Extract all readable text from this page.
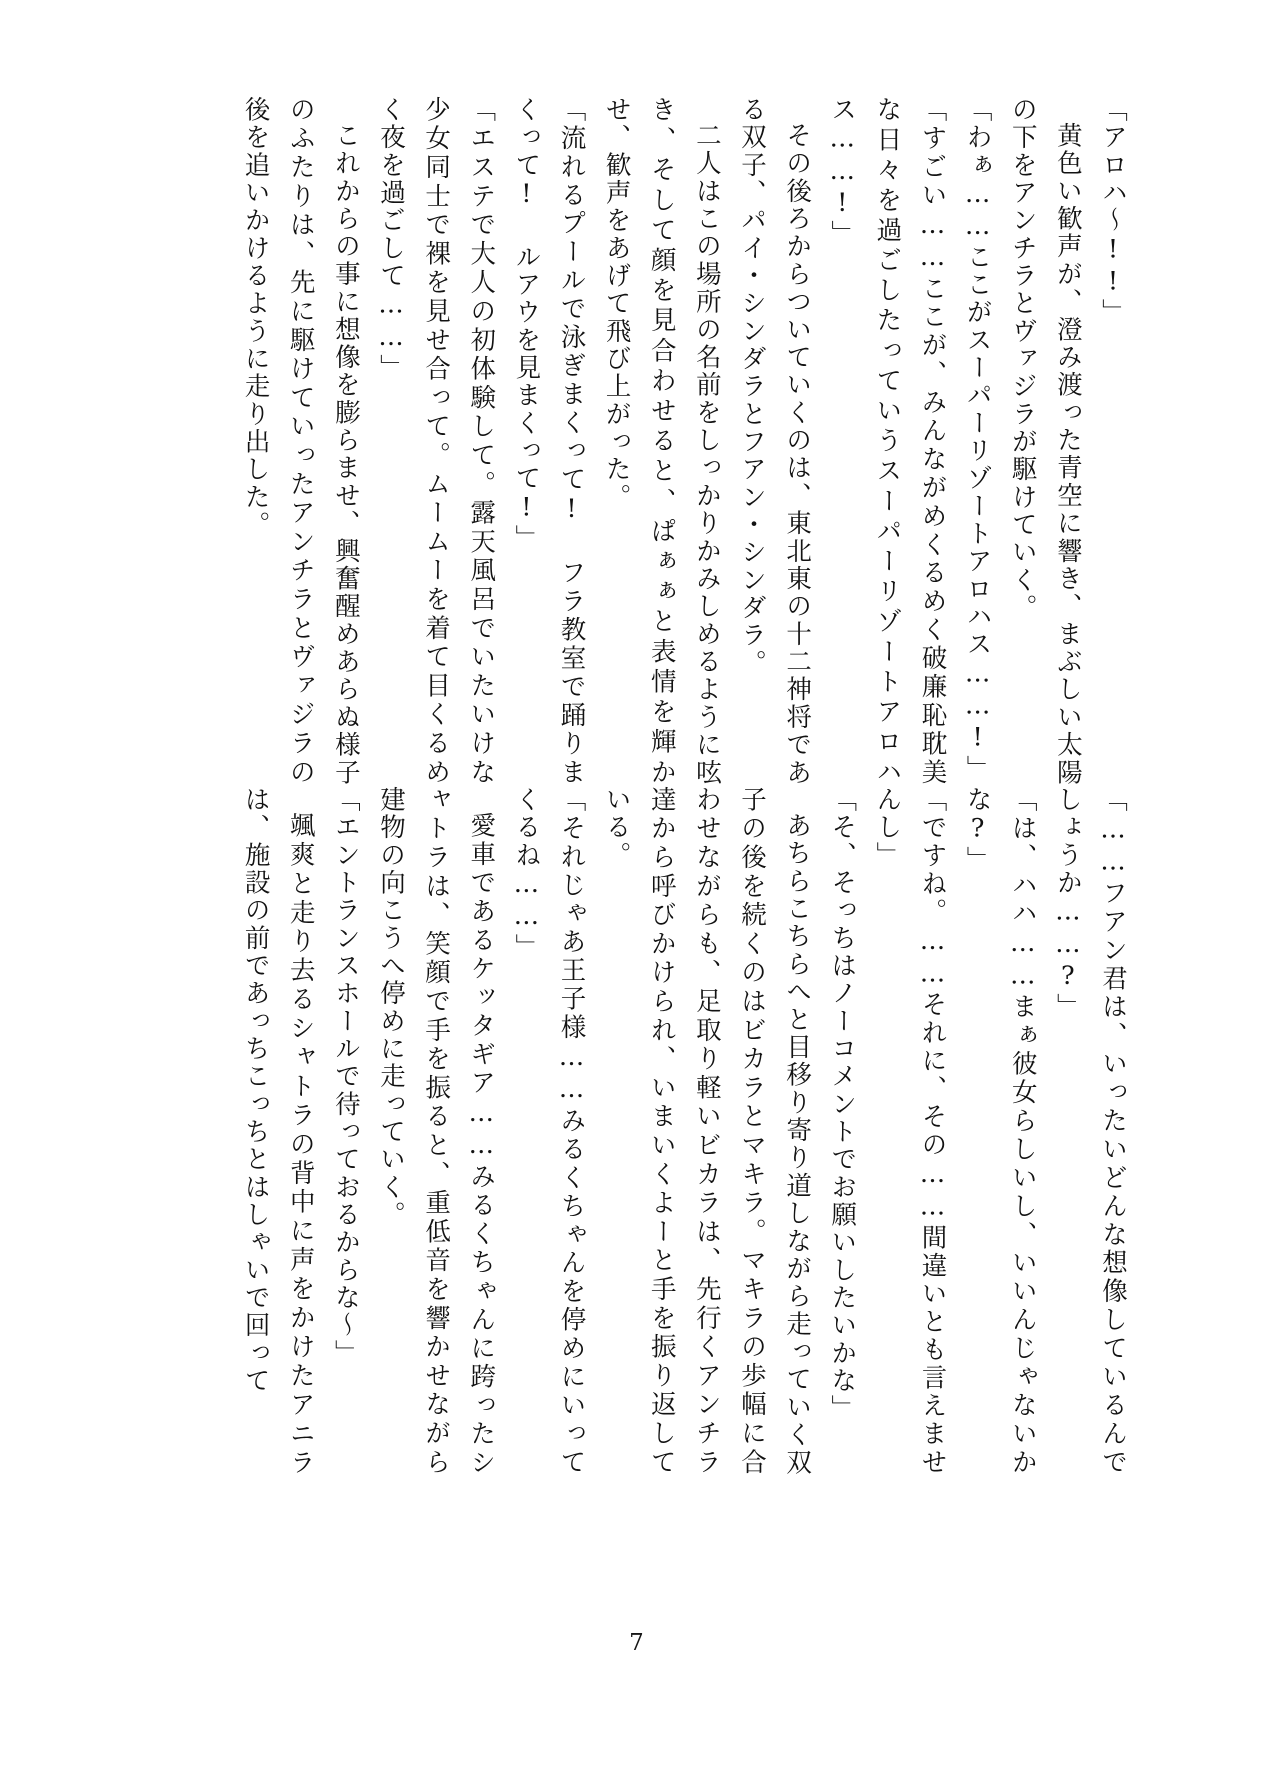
「アロハ〜!!」

黄色い歓声が、澄み渡った青空に響き、まぶしい太陽の下をアンチラとヴァジラが駆けていく。

「わぁ……ここがスーパーリゾートアロハス……!」

「すごい……ここが、みんながめくるめく破廉恥耽美な日々を過ごしたっていうスーパーリゾートアロハス……!」

その後ろからついていくのは、東北東の十二神将である双子、パイ・シンダラとフアン・シンダラ。

二人はこの場所の名前をしっかりかみしめるように呟き、そして顔を見合わせると、ぱぁぁと表情を輝かせ、歓声をあげて飛び上がった。

「流れるプールで泳ぎまくって! フラ教室で踊りまくって! ルアウを見まくって!」

「エステで大人の初体験して。露天風呂でいたいけな少女同士で裸を見せ合って。ムームーを着て目くるめく夜を過ごして……」

これからの事に想像を膨らませ、興奮醒めあらぬ様子のふたりは、先に駆けていったアンチラとヴァジラの後を追いかけるように走り出した。

「……フアン君は、いったいどんな想像しているんでしょうか……?」

「は、ハハ……まぁ彼女らしいし、いいんじゃないかな?」

「ですね。……それに、その……間違いとも言えませんし」

「そ、そっちはノーコメントでお願いしたいかな」

あちらこちらへと目移り寄り道しながら走っていく双子の後を続くのはビカラとマキラ。マキラの歩幅に合わせながらも、足取り軽いビカラは、先行くアンチラ達から呼びかけられ、いまいくよーと手を振り返している。

「それじゃあ王子様……みるくちゃんを停めにいってくるね……」

愛車であるケッタギア……みるくちゃんに跨ったシャトラは、笑顔で手を振ると、重低音を響かせながら建物の向こうへ停めに走っていく。

「エントランスホールで待っておるからな〜」

颯爽と走り去るシャトラの背中に声をかけたアニラは、施設の前であっちこっちとはしゃいで回って

7
